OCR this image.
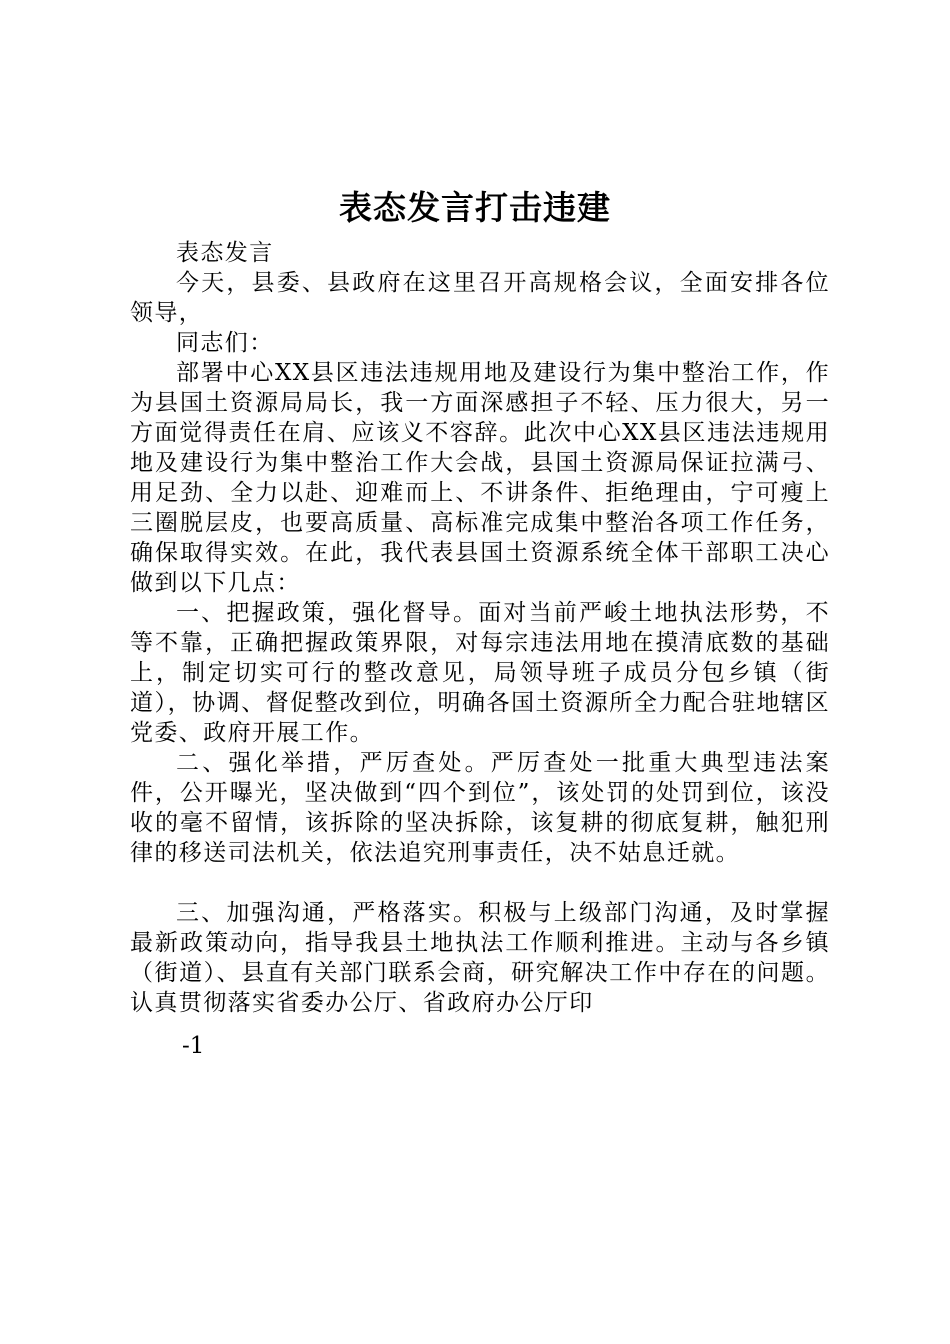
表态发言打击违建

表态发言

今天，县委、县政府在这里召开高规格会议，全面安排各位领导，

同志们：

部署中心XX县区违法违规用地及建设行为集中整治工作，作为县国土资源局局长，我一方面深感担子不轻、压力很大，另一方面觉得责任在肩、应该义不容辞。此次中心XX县区违法违规用地及建设行为集中整治工作大会战，县国土资源局保证拉满弓、用足劲、全力以赴、迎难而上、不讲条件、拒绝理由，宁可瘦上三圈脱层皮，也要高质量、高标准完成集中整治各项工作任务，确保取得实效。在此，我代表县国土资源系统全体干部职工决心做到以下几点：

一、把握政策，强化督导。面对当前严峻土地执法形势，不等不靠，正确把握政策界限，对每宗违法用地在摸清底数的基础上，制定切实可行的整改意见，局领导班子成员分包乡镇（街道），协调、督促整改到位，明确各国土资源所全力配合驻地辖区党委、政府开展工作。

二、强化举措，严厉查处。严厉查处一批重大典型违法案件，公开曝光，坚决做到“四个到位”，该处罚的处罚到位，该没收的毫不留情，该拆除的坚决拆除，该复耕的彻底复耕，触犯刑律的移送司法机关，依法追究刑事责任，决不姑息迁就。

三、加强沟通，严格落实。积极与上级部门沟通，及时掌握最新政策动向，指导我县土地执法工作顺利推进。主动与各乡镇（街道）、县直有关部门联系会商，研究解决工作中存在的问题。认真贯彻落实省委办公厅、省政府办公厅印

-1
